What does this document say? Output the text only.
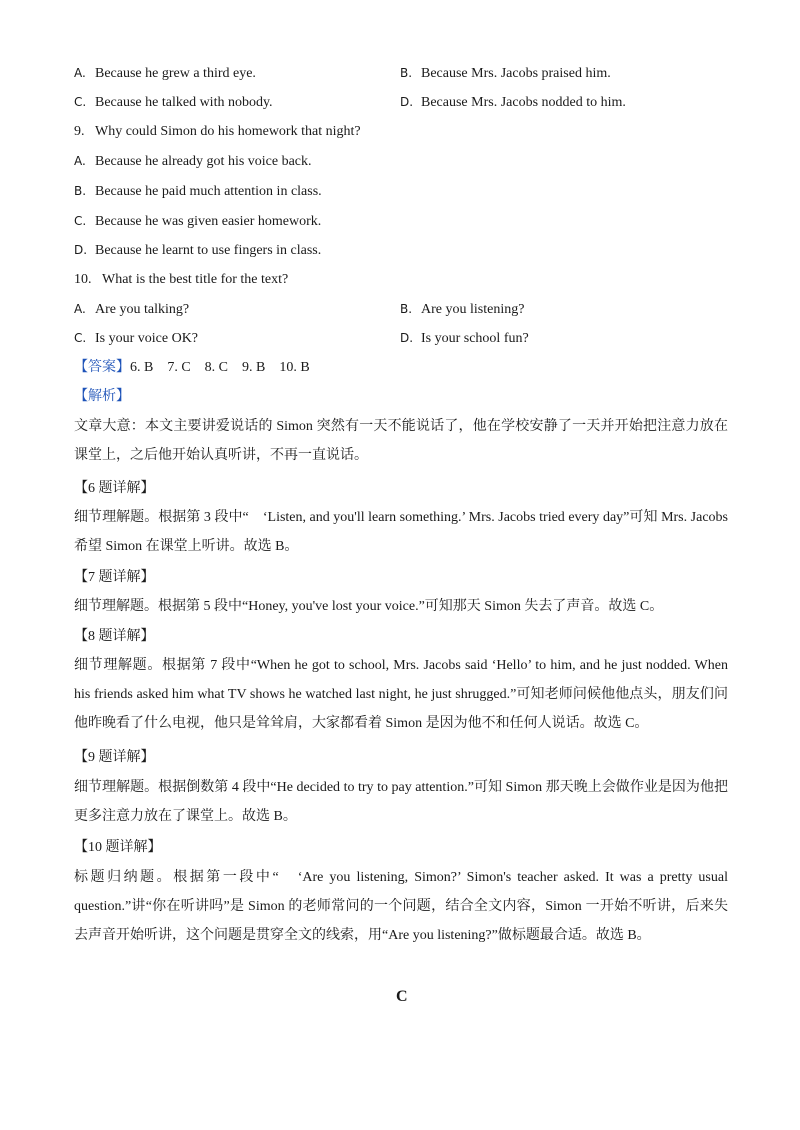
A. Because he grew a third eye.	B. Because Mrs. Jacobs praised him.
C. Because he talked with nobody.	D. Because Mrs. Jacobs nodded to him.
9. Why could Simon do his homework that night?
A. Because he already got his voice back.
B. Because he paid much attention in class.
C. Because he was given easier homework.
D. Because he learnt to use fingers in class.
10. What is the best title for the text?
A. Are you talking?	B. Are you listening?
C. Is your voice OK?	D. Is your school fun?
【答案】6. B　7. C　8. C　9. B　10. B
【解析】
文章大意：本文主要讲爱说话的 Simon 突然有一天不能说话了，他在学校安静了一天并开始把注意力放在课堂上，之后他开始认真听讲，不再一直说话。
【6 题详解】
细节理解题。根据第 3 段中“　‘Listen, and you'll learn something.’ Mrs. Jacobs tried every day”可知 Mrs. Jacobs 希望 Simon 在课堂上听讲。故选 B。
【7 题详解】
细节理解题。根据第 5 段中“Honey, you've lost your voice.”可知那天 Simon 失去了声音。故选 C。
【8 题详解】
细节理解题。根据第 7 段中“When he got to school, Mrs. Jacobs said ‘Hello’ to him, and he just nodded. When his friends asked him what TV shows he watched last night, he just shrugged.”可知老师问候他他点头，朋友们问他昨晚看了什么电视，他只是耸耸肩，大家都看着 Simon 是因为他不和任何人说话。故选 C。
【9 题详解】
细节理解题。根据倒数第 4 段中“He decided to try to pay attention.”可知 Simon 那天晚上会做作业是因为他把更多注意力放在了课堂上。故选 B。
【10 题详解】
标题归纳题。根据第一段中“　‘Are you listening, Simon?’ Simon's teacher asked. It was a pretty usual question.”讲“你在听讲吗”是 Simon 的老师常问的一个问题，结合全文内容，Simon 一开始不听讲，后来失去声音开始听讲，这个问题是贯穿全文的线索，用“Are you listening?”做标题最合适。故选 B。
C
